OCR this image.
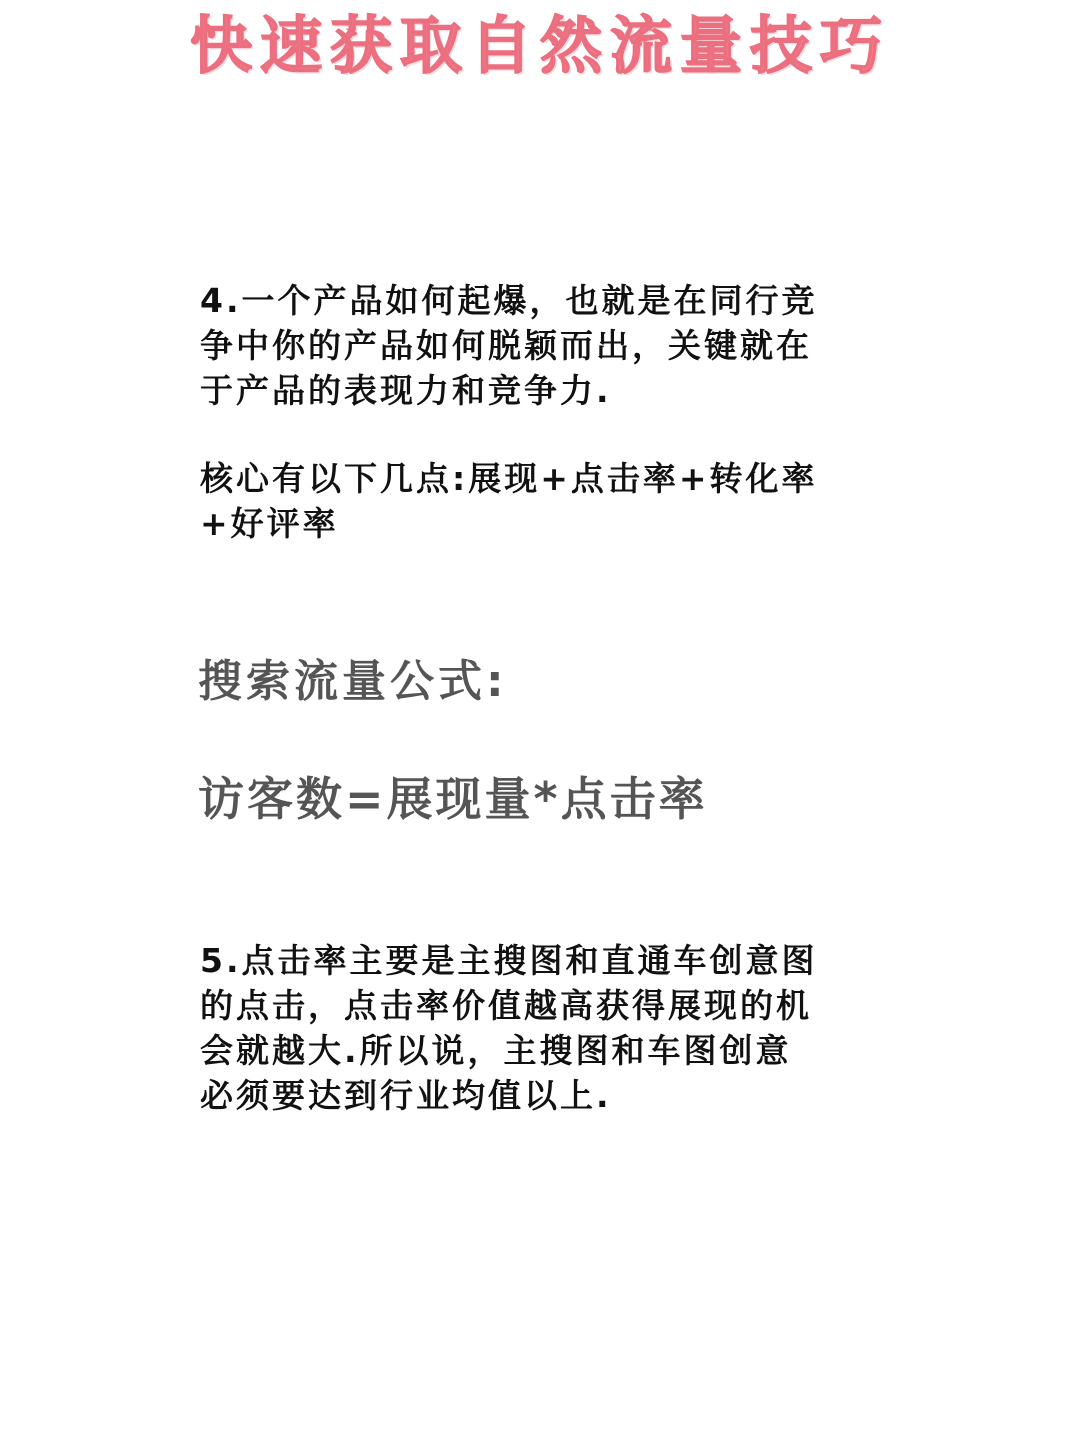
快速获取自然流量技巧
4.一个产品如何起爆，也就是在同行竞
争中你的产品如何脱颖而出，关键就在
于产品的表现力和竞争力.
核心有以下几点:展现+点击率+转化率
+好评率
搜索流量公式:
访客数=展现量*点击率
5.点击率主要是主搜图和直通车创意图
的点击，点击率价值越高获得展现的机
会就越大.所以说，主搜图和车图创意
必须要达到行业均值以上.
